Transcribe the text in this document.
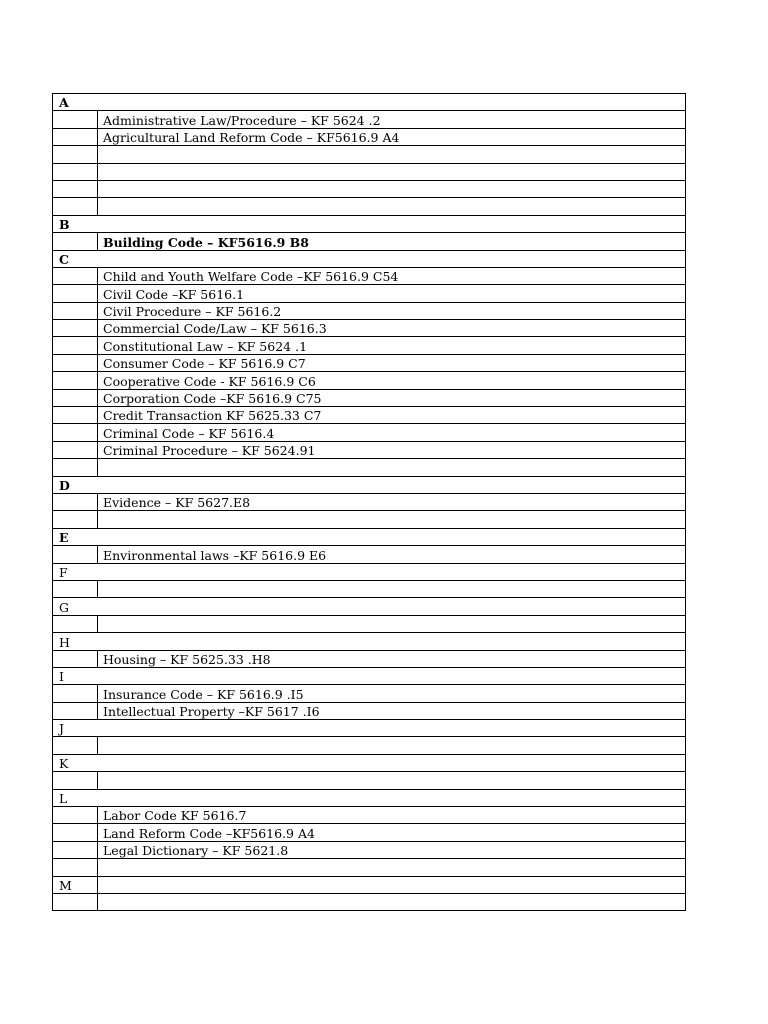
A	
	Administrative Law/Procedure – KF 5624 .2
	Agricultural Land Reform Code – KF5616.9 A4

B	
	Building Code – KF5616.9 B8
C	
	Child and Youth Welfare Code –KF 5616.9 C54
	Civil Code –KF 5616.1
	Civil Procedure – KF 5616.2
	Commercial Code/Law – KF 5616.3
	Constitutional Law – KF 5624 .1
	Consumer Code – KF 5616.9 C7
	Cooperative Code - KF 5616.9 C6
	Corporation Code –KF 5616.9 C75
	Credit Transaction KF 5625.33 C7
	Criminal Code – KF 5616.4
	Criminal Procedure – KF 5624.91

D	
	Evidence – KF 5627.E8

E	
	Environmental laws –KF 5616.9 E6
F	

G	

H	
	Housing – KF 5625.33 .H8
I	
	Insurance Code – KF 5616.9 .I5
	Intellectual Property –KF 5617 .I6
J	

K	

L	
	Labor Code KF 5616.7
	Land Reform Code –KF5616.9 A4
	Legal Dictionary – KF 5621.8

M	
